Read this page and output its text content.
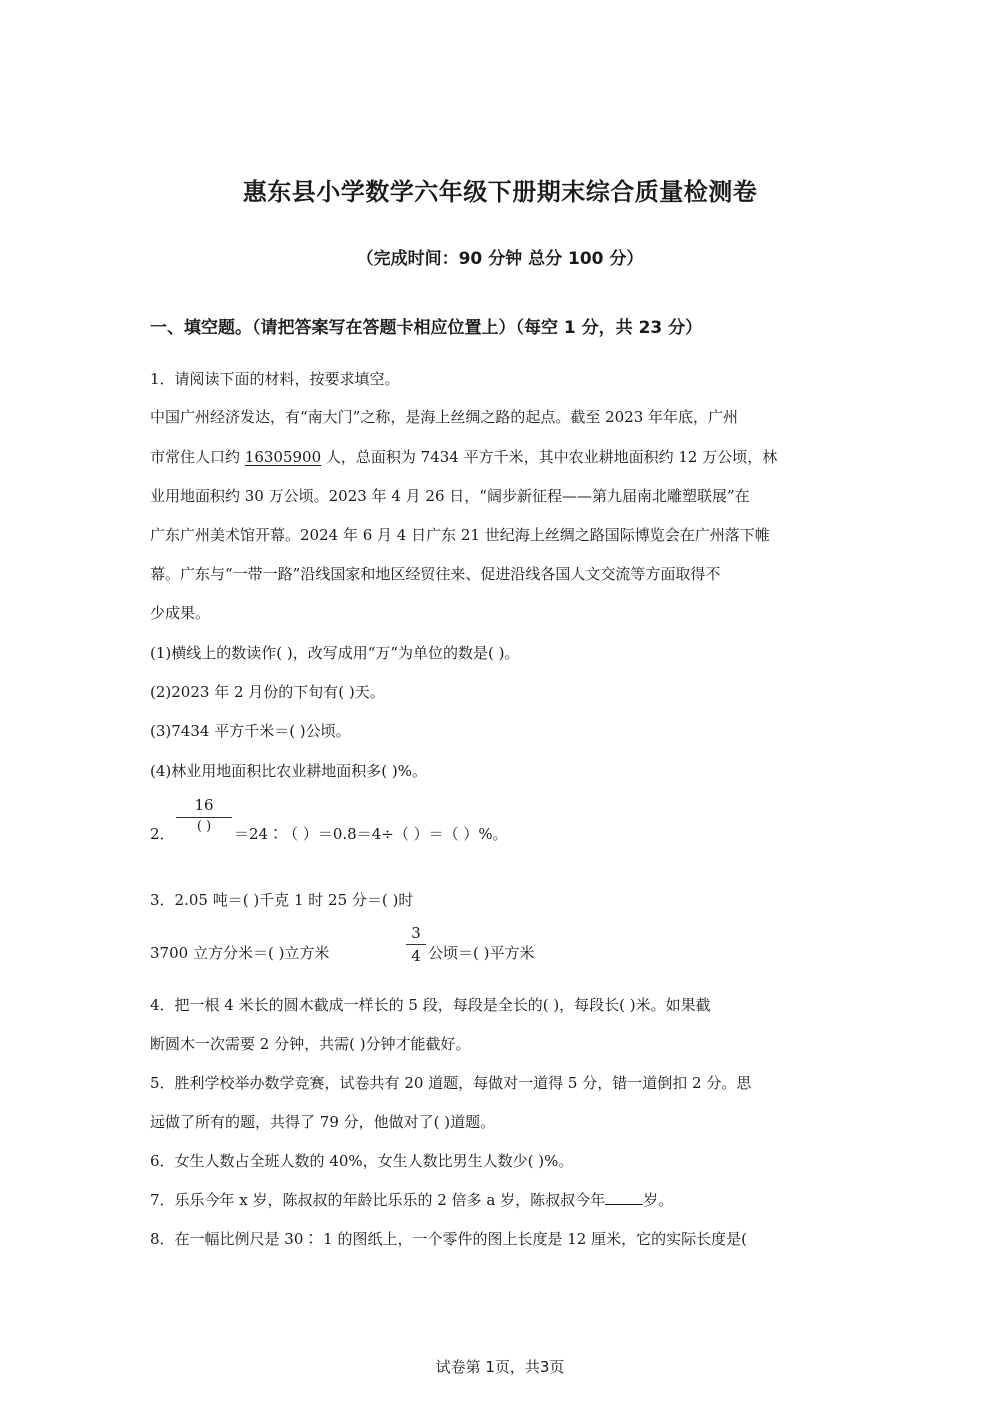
惠东县小学数学六年级下册期末综合质量检测卷
（完成时间：90 分钟 总分 100 分）
一、填空题。（请把答案写在答题卡相应位置上）（每空 1 分，共 23 分）
1．请阅读下面的材料，按要求填空。
中国广州经济发达，有“南大门”之称，是海上丝绸之路的起点。截至 2023 年年底，广州
市常住人口约 16305900 人，总面积为 7434 平方千米，其中农业耕地面积约 12 万公顷，林
业用地面积约 30 万公顷。2023 年 4 月 26 日，“阔步新征程——第九届南北雕塑联展”在
广东广州美术馆开幕。2024 年 6 月 4 日广东 21 世纪海上丝绸之路国际博览会在广州落下帷
幕。广东与“一带一路”沿线国家和地区经贸往来、促进沿线各国人文交流等方面取得不
少成果。
(1)横线上的数读作( )，改写成用“万”为单位的数是( )。
(2)2023 年 2 月份的下旬有( )天。
(3)7434 平方千米＝( )公顷。
(4)林业用地面积比农业耕地面积多( )%。
2．
16
( )	＝24∶（ ）＝0.8＝4÷（ ）＝（ ）%。
3．2.05 吨＝( )千克 1 时 25 分＝( )时
3700 立方分米＝( )立方米
3
4 公顷＝( )平方米
4．把一根 4 米长的圆木截成一样长的 5 段，每段是全长的( )，每段长( )米。如果截
断圆木一次需要 2 分钟，共需( )分钟才能截好。
5．胜利学校举办数学竞赛，试卷共有 20 道题，每做对一道得 5 分，错一道倒扣 2 分。思
远做了所有的题，共得了 79 分，他做对了( )道题。
6．女生人数占全班人数的 40%，女生人数比男生人数少( )%。
7．乐乐今年 x 岁，陈叔叔的年龄比乐乐的 2 倍多 a 岁，陈叔叔今年	岁。
8．在一幅比例尺是 30∶ 1 的图纸上，一个零件的图上长度是 12 厘米，它的实际长度是(
试卷第 1页，共3页
